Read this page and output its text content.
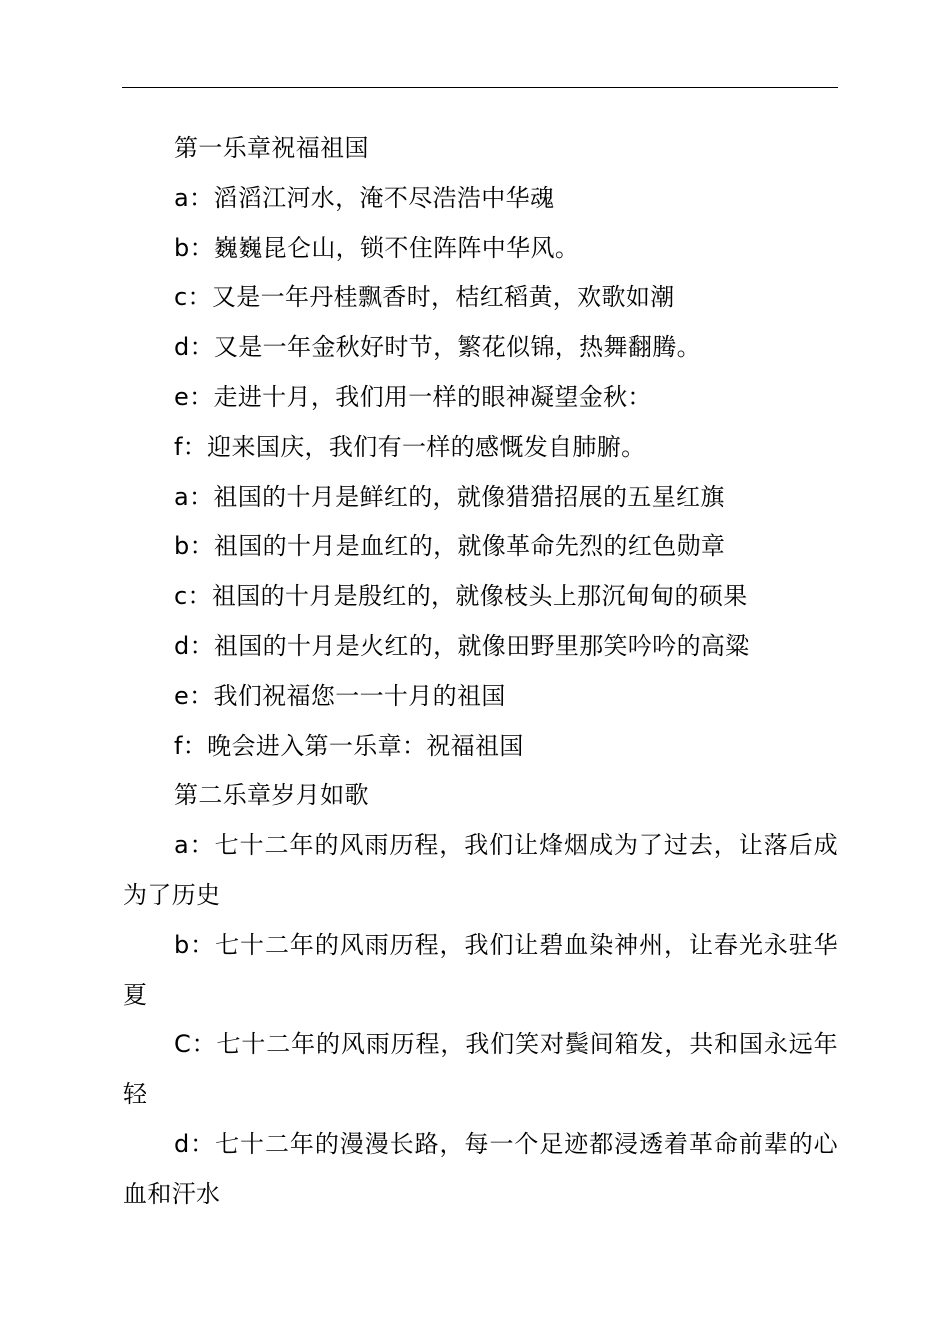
第一乐章祝福祖国

a：滔滔江河水，淹不尽浩浩中华魂

b：巍巍昆仑山，锁不住阵阵中华风。

c：又是一年丹桂飘香时，桔红稻黄，欢歌如潮

d：又是一年金秋好时节，繁花似锦，热舞翻腾。

e：走进十月，我们用一样的眼神凝望金秋：

f：迎来国庆，我们有一样的感慨发自肺腑。

a：祖国的十月是鲜红的，就像猎猎招展的五星红旗

b：祖国的十月是血红的，就像革命先烈的红色勋章

c：祖国的十月是殷红的，就像枝头上那沉甸甸的硕果

d：祖国的十月是火红的，就像田野里那笑吟吟的高粱

e：我们祝福您一一十月的祖国

f：晚会进入第一乐章：祝福祖国

第二乐章岁月如歌

a：七十二年的风雨历程，我们让烽烟成为了过去，让落后成为了历史

b：七十二年的风雨历程，我们让碧血染神州，让春光永驻华夏

C：七十二年的风雨历程，我们笑对鬓间箱发，共和国永远年轻

d：七十二年的漫漫长路，每一个足迹都浸透着革命前辈的心血和汗水
